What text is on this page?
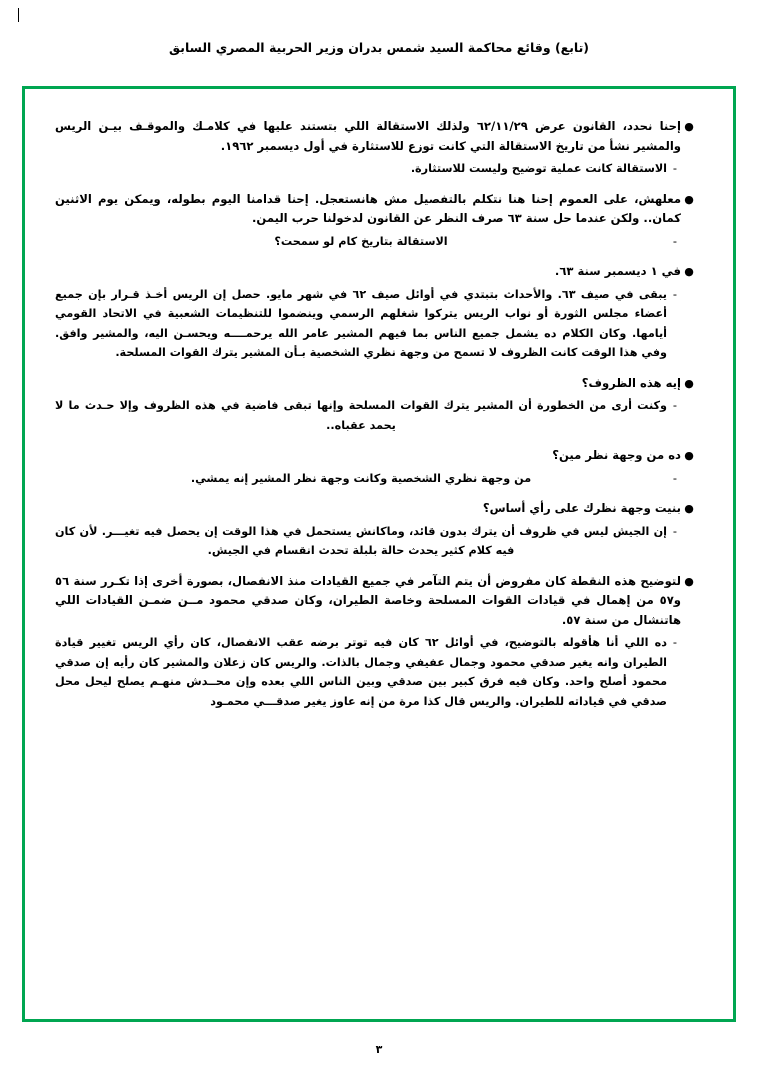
(تابع) وقائع محاكمة السيد شمس بدران وزير الحربية المصري السابق
●
إحنا نحدد، القانون عرض ٦٢/١١/٢٩ ولذلك الاستقالة اللي بتستند عليها في كلامـك والموقـف بيـن الريس والمشير نشأ من تاريخ الاستقالة التي كانت توزع للاستثارة في أول ديسمبر ١٩٦٢.
-
الاستقالة كانت عملية توضيح وليست للاستثارة.
●
معلهش، على العموم إحنا هنا نتكلم بالتفصيل مش هانستعجل. إحنا قدامنا اليوم بطوله، ويمكن يوم الاثنين كمان.. ولكن عندما حل سنة ٦٣ صرف النظر عن القانون لدخولنا حرب اليمن.
-
الاستقالة بتاريخ كام لو سمحت؟
●
في ١ ديسمبر سنة ٦٣.
-
يبقى في صيف ٦٣. والأحداث بتبتدي في أوائل صيف ٦٢ في شهر مايو. حصل إن الريس أخـذ قـرار بإن جميع أعضاء مجلس الثورة أو نواب الريس يتركوا شغلهم الرسمي وينضموا للتنظيمات الشعبية في الاتحاد القومي أيامها. وكان الكلام ده يشمل جميع الناس بما فيهم المشير عامر الله يرحمــــه ويحسـن اليه، والمشير وافق. وفي هذا الوقت كانت الظروف لا تسمح من وجهة نظري الشخصية بـأن المشير يترك القوات المسلحة.
●
إيه هذه الظروف؟
-
وكنت أرى من الخطورة أن المشير يترك القوات المسلحة وإنها تبقى فاضية في هذه الظروف وإلا حـدث ما لا يحمد عقباه..
●
ده من وجهة نظر مين؟
-
من وجهة نظري الشخصية وكانت وجهة نظر المشير إنه يمشي.
●
بنيت وجهة نظرك على رأي أساس؟
-
إن الجيش ليس في ظروف أن يترك بدون قائد، وماكانش يستحمل في هذا الوقت إن يحصل فيه تغيـــر. لأن كان فيه كلام كثير يحدث حالة بلبلة تحدث انقسام في الجيش.
●
لتوضيح هذه النقطة كان مفروض أن يتم التآمر في جميع القيادات منذ الانفصال، بصورة أخرى إذا تكـرر سنة ٥٦ و٥٧ من إهمال في قيادات القوات المسلحة وخاصة الطيران، وكان صدقي محمود مــن ضمـن القيادات اللي هاتنشال من سنة ٥٧.
-
ده اللي أنا هأقوله بالتوضيح، في أوائل ٦٢ كان فيه توتر برضه عقب الانفصال، كان رأي الريس تغيير قيادة الطيران وانه يغير صدقي محمود وجمال عفيفي وجمال بالذات. والريس كان زعلان والمشير كان رأيه إن صدقي محمود أصلح واحد. وكان فيه فرق كبير بين صدقي وبين الناس اللي بعده وإن محــدش منهـم يصلح ليحل محل صدقي في قياداته للطيران. والريس قال كذا مرة من إنه عاوز يغير صدقـــي محمـود
٣
